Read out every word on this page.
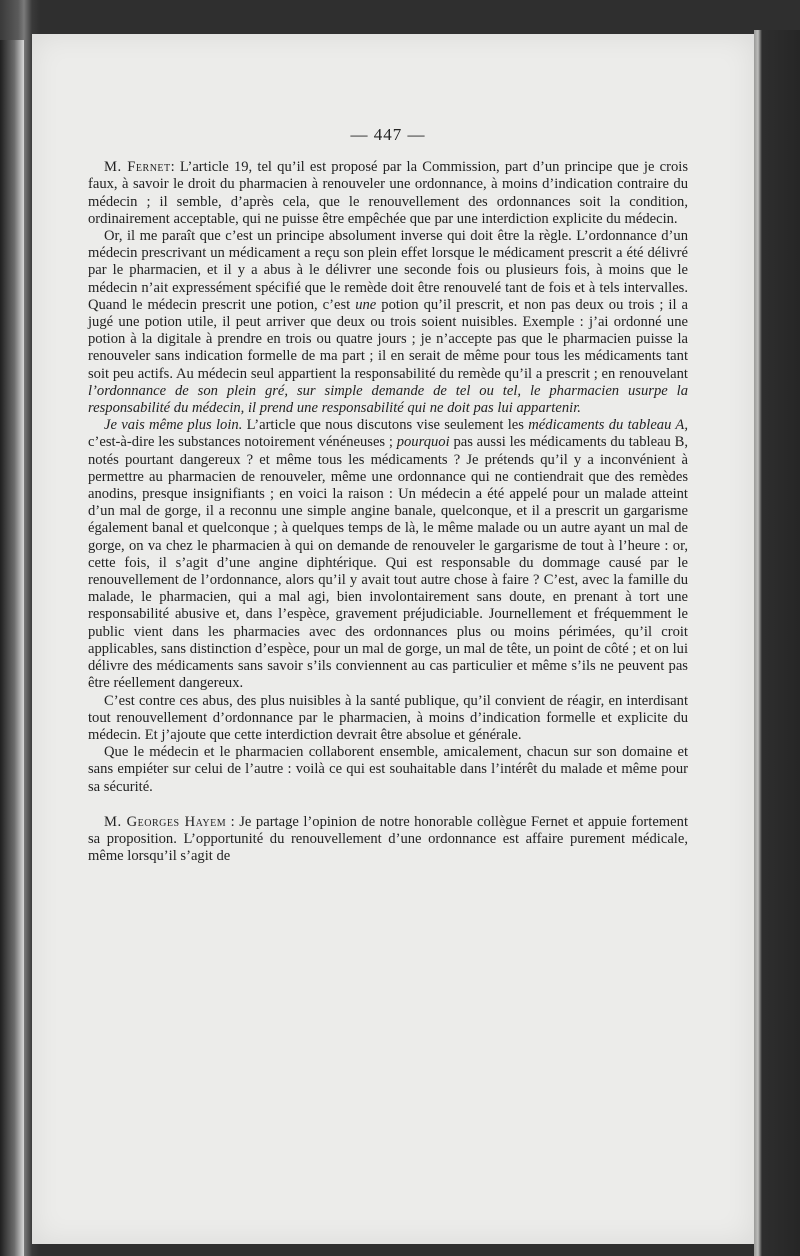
— 447 —

M. Fernet: L’article 19, tel qu’il est proposé par la Commission, part d’un principe que je crois faux, à savoir le droit du pharmacien à renouveler une ordonnance, à moins d’indication contraire du médecin ; il semble, d’après cela, que le renouvellement des ordonnances soit la condition, ordinairement acceptable, qui ne puisse être empêchée que par une interdiction explicite du médecin.

Or, il me paraît que c’est un principe absolument inverse qui doit être la règle. L’ordonnance d’un médecin prescrivant un médicament a reçu son plein effet lorsque le médicament prescrit a été délivré par le pharmacien, et il y a abus à le délivrer une seconde fois ou plusieurs fois, à moins que le médecin n’ait expressément spécifié que le remède doit être renouvelé tant de fois et à tels intervalles. Quand le médecin prescrit une potion, c’est une potion qu’il prescrit, et non pas deux ou trois ; il a jugé une potion utile, il peut arriver que deux ou trois soient nuisibles. Exemple : j’ai ordonné une potion à la digitale à prendre en trois ou quatre jours ; je n’accepte pas que le pharmacien puisse la renouveler sans indication formelle de ma part ; il en serait de même pour tous les médicaments tant soit peu actifs. Au médecin seul appartient la responsabilité du remède qu’il a prescrit ; en renouvelant l’ordonnance de son plein gré, sur simple demande de tel ou tel, le pharmacien usurpe la responsabilité du médecin, il prend une responsabilité qui ne doit pas lui appartenir.

Je vais même plus loin. L’article que nous discutons vise seulement les médicaments du tableau A, c’est-à-dire les substances notoirement vénéneuses ; pourquoi pas aussi les médicaments du tableau B, notés pourtant dangereux ? et même tous les médicaments ? Je prétends qu’il y a inconvénient à permettre au pharmacien de renouveler, même une ordonnance qui ne contiendrait que des remèdes anodins, presque insignifiants ; en voici la raison : Un médecin a été appelé pour un malade atteint d’un mal de gorge, il a reconnu une simple angine banale, quelconque, et il a prescrit un gargarisme également banal et quelconque ; à quelques temps de là, le même malade ou un autre ayant un mal de gorge, on va chez le pharmacien à qui on demande de renouveler le gargarisme de tout à l’heure : or, cette fois, il s’agit d’une angine diphtérique. Qui est responsable du dommage causé par le renouvellement de l’ordonnance, alors qu’il y avait tout autre chose à faire ? C’est, avec la famille du malade, le pharmacien, qui a mal agi, bien involontairement sans doute, en prenant à tort une responsabilité abusive et, dans l’espèce, gravement préjudiciable. Journellement et fréquemment le public vient dans les pharmacies avec des ordonnances plus ou moins périmées, qu’il croit applicables, sans distinction d’espèce, pour un mal de gorge, un mal de tête, un point de côté ; et on lui délivre des médicaments sans savoir s’ils conviennent au cas particulier et même s’ils ne peuvent pas être réellement dangereux.

C’est contre ces abus, des plus nuisibles à la santé publique, qu’il convient de réagir, en interdisant tout renouvellement d’ordonnance par le pharmacien, à moins d’indication formelle et explicite du médecin. Et j’ajoute que cette interdiction devrait être absolue et générale.

Que le médecin et le pharmacien collaborent ensemble, amicalement, chacun sur son domaine et sans empiéter sur celui de l’autre : voilà ce qui est souhaitable dans l’intérêt du malade et même pour sa sécurité.

M. Georges Hayem : Je partage l’opinion de notre honorable collègue Fernet et appuie fortement sa proposition. L’opportunité du renouvellement d’une ordonnance est affaire purement médicale, même lorsqu’il s’agit de
